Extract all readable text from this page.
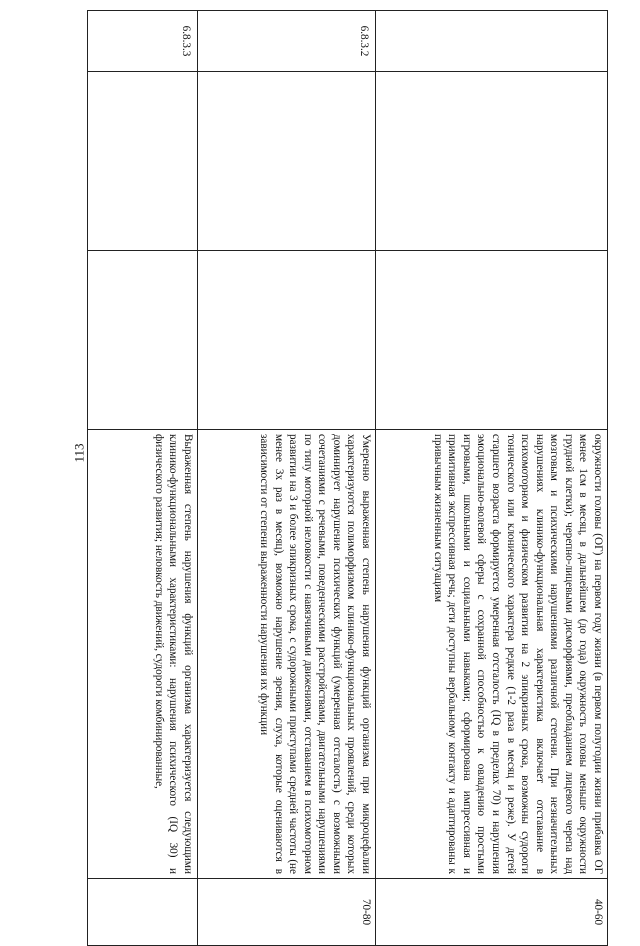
113
				окружности головы (ОГ) на первом году жизни (в первом полугодии жизни прибавка ОГ менее 1см в месяц, в дальнейшем (до года) окружность головы меньше окружности грудной клетки); черепно-лицевыми дисморфиями, преобладанием лицевого черепа над мозговым и психическими нарушениями различной степени. При незначительных нарушениях клинико-функциональная характеристика включает отставание в психомоторном и физическом развитии на 2 эпикризных срока, возможны судороги тонического или клонического характера редкие (1-2 раза в месяц и реже). У детей старшего возраста формируется умеренная отсталость (IQ в пределах 70) и нарушения эмоционально-волевой сферы с сохранной способностью к овладению простыми игровыми, школьными и социальными навыками; сформирована импрессивная и примитивная экспрессивная речь; дети доступны вербальному контакту и адаптированы к привычным жизненным ситуациям	40-60

6.8.3.2			Умеренно выраженная степень нарушения функций организма при микроцефалии характеризуются полиморфизмом клинико-функциональных проявлений, среди которых доминирует нарушение психических функций (умеренная отсталость) с возможными сочетаниями с речевыми, поведенческими расстройствами, двигательными нарушениями по типу моторной неловкости с навязчивыми движениями, отставанием в психомоторном развитии на 3 и более эпикризных срока, с судорожными приступами средней частоты (не менее 3х раз в месяц), возможно нарушение зрения, слуха, которые оцениваются в зависимости от степени выраженности нарушения их функции	70-80

6.8.3.3			Выраженная степень нарушения функций организма характеризуется следующими клинико-функциональными характеристиками: нарушения психического (IQ 30) и физического развития; неловкость движений, судороги комбинированные,	
